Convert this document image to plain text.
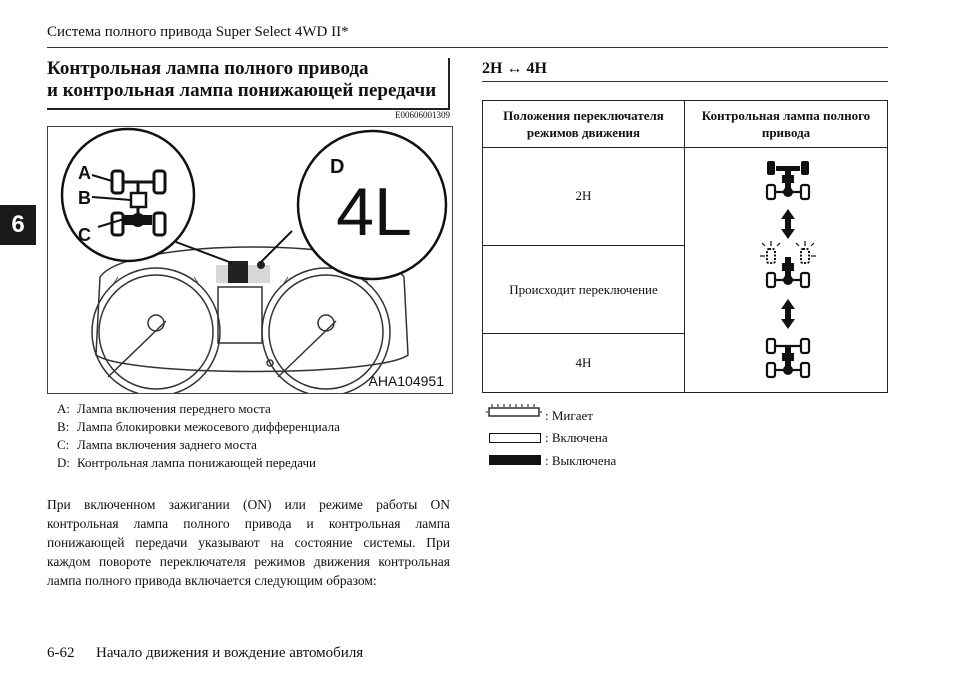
Система полного привода Super Select 4WD II*
6
Контрольная лампа полного привода
и контрольная лампа понижающей передачи
E00606001309
A
B
C
D
4L
AHA104951
A: Лампа включения переднего моста
B: Лампа блокировки межосевого дифференциала
C: Лампа включения заднего моста
D: Контрольная лампа понижающей передачи
При включенном зажигании (ON) или режиме работы ON контрольная лампа полного привода и контрольная лампа понижающей передачи указывают на состояние системы. При каждом повороте переключателя режимов движения контрольная лампа полного привода включается следующим образом:
2H ↔ 4H
Положения переключателя режимов движения	Контрольная лампа полного привода
2H	
Происходит переключение	
4H	
: Мигает
: Включена
: Выключена
6-62 Начало движения и вождение автомобиля
